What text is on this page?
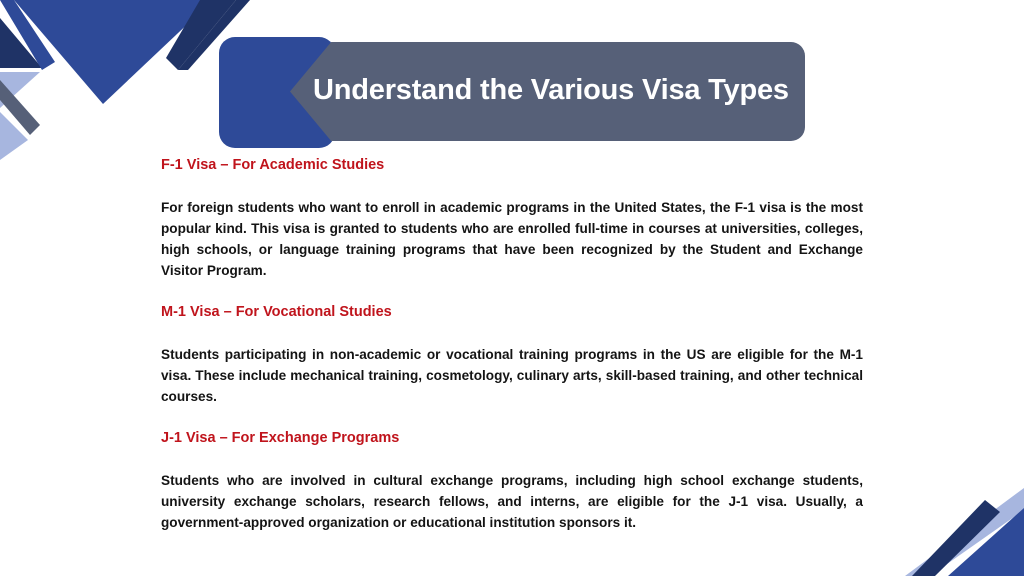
Understand the Various Visa Types
F-1 Visa – For Academic Studies
For foreign students who want to enroll in academic programs in the United States, the F-1 visa is the most popular kind. This visa is granted to students who are enrolled full-time in courses at universities, colleges, high schools, or language training programs that have been recognized by the Student and Exchange Visitor Program.
M-1 Visa – For Vocational Studies
Students participating in non-academic or vocational training programs in the US are eligible for the M-1 visa. These include mechanical training, cosmetology, culinary arts, skill-based training, and other technical courses.
J-1 Visa – For Exchange Programs
Students who are involved in cultural exchange programs, including high school exchange students, university exchange scholars, research fellows, and interns, are eligible for the J-1 visa. Usually, a government-approved organization or educational institution sponsors it.
